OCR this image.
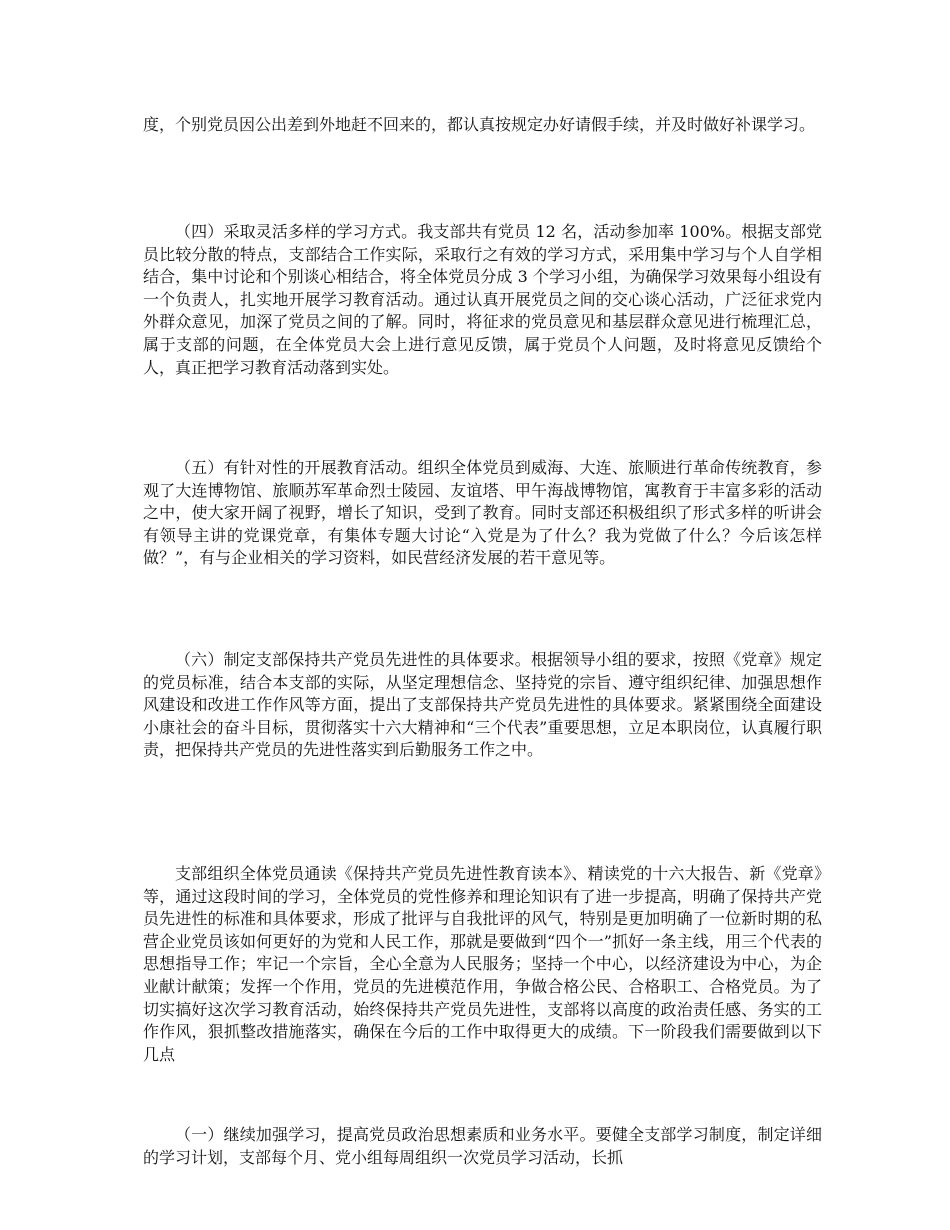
度，个别党员因公出差到外地赶不回来的，都认真按规定办好请假手续，并及时做好补课学习。

（四）采取灵活多样的学习方式。我支部共有党员 12 名，活动参加率 100%。根据支部党员比较分散的特点，支部结合工作实际，采取行之有效的学习方式，采用集中学习与个人自学相结合，集中讨论和个别谈心相结合，将全体党员分成 3 个学习小组，为确保学习效果每小组设有一个负责人，扎实地开展学习教育活动。通过认真开展党员之间的交心谈心活动，广泛征求党内外群众意见，加深了党员之间的了解。同时，将征求的党员意见和基层群众意见进行梳理汇总，属于支部的问题，在全体党员大会上进行意见反馈，属于党员个人问题，及时将意见反馈给个人，真正把学习教育活动落到实处。

（五）有针对性的开展教育活动。组织全体党员到威海、大连、旅顺进行革命传统教育，参观了大连博物馆、旅顺苏军革命烈士陵园、友谊塔、甲午海战博物馆，寓教育于丰富多彩的活动之中，使大家开阔了视野，增长了知识，受到了教育。同时支部还积极组织了形式多样的听讲会有领导主讲的党课党章，有集体专题大讨论“入党是为了什么？我为党做了什么？今后该怎样做？”，有与企业相关的学习资料，如民营经济发展的若干意见等。

（六）制定支部保持共产党员先进性的具体要求。根据领导小组的要求，按照《党章》规定的党员标准，结合本支部的实际，从坚定理想信念、坚持党的宗旨、遵守组织纪律、加强思想作风建设和改进工作作风等方面，提出了支部保持共产党员先进性的具体要求。紧紧围绕全面建设小康社会的奋斗目标，贯彻落实十六大精神和“三个代表”重要思想，立足本职岗位，认真履行职责，把保持共产党员的先进性落实到后勤服务工作之中。

支部组织全体党员通读《保持共产党员先进性教育读本》、精读党的十六大报告、新《党章》等，通过这段时间的学习，全体党员的党性修养和理论知识有了进一步提高，明确了保持共产党员先进性的标准和具体要求，形成了批评与自我批评的风气，特别是更加明确了一位新时期的私营企业党员该如何更好的为党和人民工作，那就是要做到“四个一”抓好一条主线，用三个代表的思想指导工作；牢记一个宗旨，全心全意为人民服务；坚持一个中心，以经济建设为中心，为企业献计献策；发挥一个作用，党员的先进模范作用，争做合格公民、合格职工、合格党员。为了切实搞好这次学习教育活动，始终保持共产党员先进性，支部将以高度的政治责任感、务实的工作作风，狠抓整改措施落实，确保在今后的工作中取得更大的成绩。下一阶段我们需要做到以下几点

（一）继续加强学习，提高党员政治思想素质和业务水平。要健全支部学习制度，制定详细的学习计划，支部每个月、党小组每周组织一次党员学习活动，长抓
